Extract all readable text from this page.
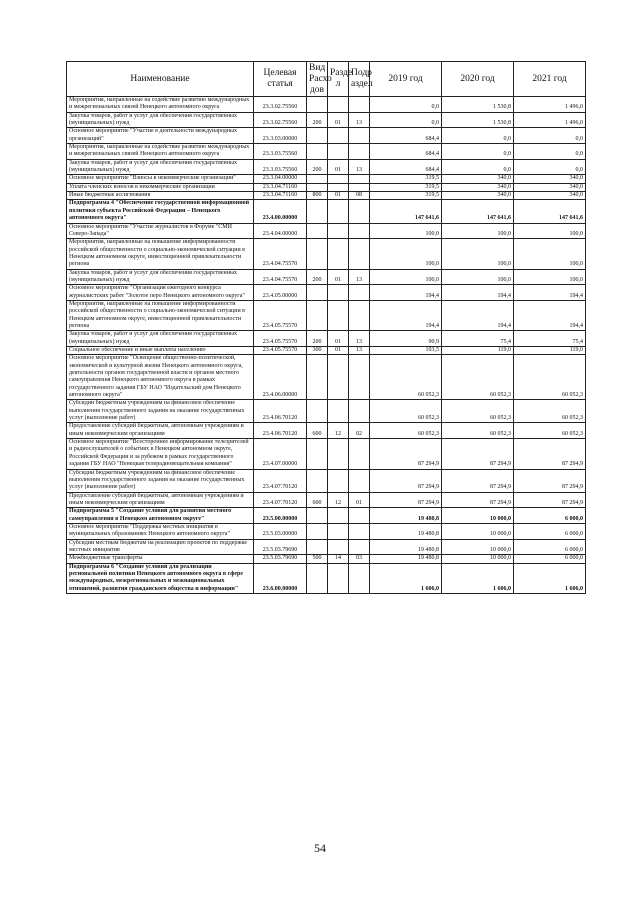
Наименование	Целевая статья	Вид Расхо дов	Разде л	Подр аздел	2019 год	2020 год	2021 год
Мероприятия, направленные на содействие развитию международных и межрегиональных связей Ненецкого автономного округа	23.3.02.75560				0,0	1 530,8	1 496,0
Закупка товаров, работ и услуг для обеспечения государственных (муниципальных) нужд	23.3.02.75560	200	01	13	0,0	1 530,8	1 496,0
Основное мероприятие "Участие в деятельности международных организаций"	23.3.03.00000				684,4	0,0	0,0
Мероприятия, направленные на содействие развитию международных и межрегиональных связей Ненецкого автономного округа	23.3.03.75560				684,4	0,0	0,0
Закупка товаров, работ и услуг для обеспечения государственных (муниципальных) нужд	23.3.03.75560	200	01	13	684,4	0,0	0,0
Основное мероприятие "Взносы в некоммерческие организации"	23.3.04.00000				319,5	340,0	340,0
Уплата членских взносов в некоммерческие организации	23.3.04.71160				319,5	340,0	340,0
Иные бюджетные ассигнования	23.3.04.71160	800	01	08	319,5	340,0	340,0
Подпрограмма 4 "Обеспечение государственной информационной политики субъекта Российской Федерации – Ненецкого автономного округа"	23.4.00.00000				147 641,6	147 641,6	147 641,6
Основное мероприятие "Участие журналистов в Форуме "СМИ Северо-Запада"	23.4.04.00000				100,0	100,0	100,0
Мероприятия, направленные на повышение информированности российской общественности о социально-экономической ситуации в Ненецком автономном округе, инвестиционной привлекательности региона	23.4.04.75570				100,0	100,0	100,0
Закупка товаров, работ и услуг для обеспечения государственных (муниципальных) нужд	23.4.04.75570	200	01	13	100,0	100,0	100,0
Основное мероприятие "Организация ежегодного конкурса журналистских работ "Золотое перо Ненецкого автономного округа"	23.4.05.00000				194,4	194,4	194,4
Мероприятия, направленные на повышение информированности российской общественности о социально-экономической ситуации в Ненецком автономном округе, инвестиционной привлекательности региона	23.4.05.75570				194,4	194,4	194,4
Закупка товаров, работ и услуг для обеспечения государственных (муниципальных) нужд	23.4.05.75570	200	01	13	90,9	75,4	75,4
Социальное обеспечение и иные выплаты населению	23.4.05.75570	300	01	13	103,5	119,0	119,0
Основное мероприятие "Освещение общественно-политической, экономической и культурной жизни Ненецкого автономного округа, деятельности органов государственной власти и органов местного самоуправления Ненецкого автономного округа в рамках государственного задания ГБУ НАО "Издательский дом Ненецкого автономного округа"	23.4.06.00000				60 052,3	60 052,3	60 052,3
Субсидии бюджетным учреждениям на финансовое обеспечение выполнения государственного задания на оказание государственных услуг (выполнение работ)	23.4.06.70120				60 052,3	60 052,3	60 052,3
Предоставление субсидий бюджетным, автономным учреждениям и иным некоммерческим организациям	23.4.06.70120	600	12	02	60 052,3	60 052,3	60 052,3
Основное мероприятие "Всестороннее информирование телезрителей и радиослушателей о событиях в Ненецком автономном округе, Российской Федерации и за рубежом в рамках государственного задания ГБУ НАО "Ненецкая телерадиовещательная компания"	23.4.07.00000				87 294,9	87 294,9	87 294,9
Субсидии бюджетным учреждениям на финансовое обеспечение выполнения государственного задания на оказание государственных услуг (выполнение работ)	23.4.07.70120				87 294,9	87 294,9	87 294,9
Предоставление субсидий бюджетным, автономным учреждениям и иным некоммерческим организациям	23.4.07.70120	600	12	01	87 294,9	87 294,9	87 294,9
Подпрограмма 5 "Создание условий для развития местного самоуправления в Ненецком автономном округе"	23.5.00.00000				19 480,8	10 000,0	6 000,0
Основное мероприятие "Поддержка местных инициатив в муниципальных образованиях Ненецкого автономного округа"	23.5.03.00000				19 480,8	10 000,0	6 000,0
Субсидии местным бюджетам на реализацию проектов по поддержке местных инициатив	23.5.03.79690				19 480,8	10 000,0	6 000,0
Межбюджетные трансферты	23.5.03.79690	500	14	03	19 480,8	10 000,0	6 000,0
Подпрограмма 6 "Создание условий для реализации региональной политики Ненецкого автономного округа в сфере международных, межрегиональных и межнациональных отношений, развития гражданского общества и информации"	23.6.00.00000				1 606,0	1 606,0	1 606,0
54
